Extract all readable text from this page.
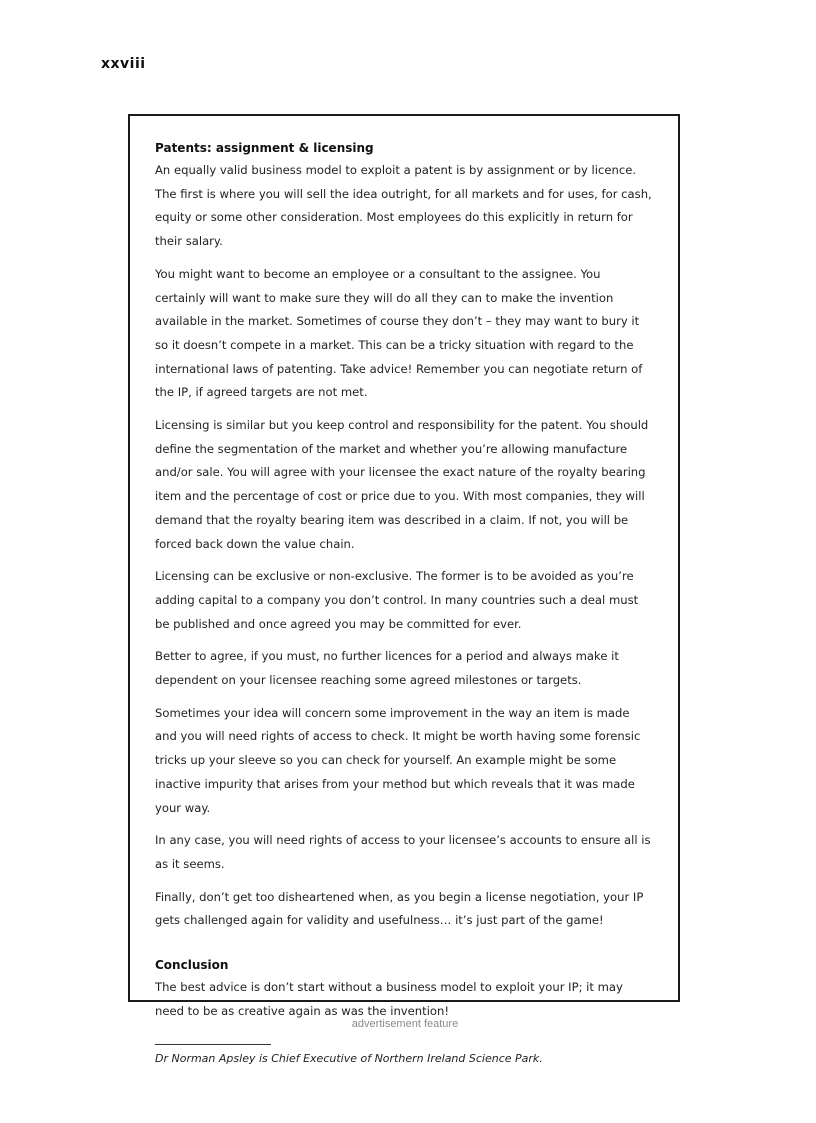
xxviii
Patents: assignment & licensing

An equally valid business model to exploit a patent is by assignment or by licence. The first is where you will sell the idea outright, for all markets and for uses, for cash, equity or some other consideration. Most employees do this explicitly in return for their salary.

You might want to become an employee or a consultant to the assignee. You certainly will want to make sure they will do all they can to make the invention available in the market. Sometimes of course they don’t – they may want to bury it so it doesn’t compete in a market. This can be a tricky situation with regard to the international laws of patenting. Take advice! Remember you can negotiate return of the IP, if agreed targets are not met.

Licensing is similar but you keep control and responsibility for the patent. You should define the segmentation of the market and whether you’re allowing manufacture and/or sale. You will agree with your licensee the exact nature of the royalty bearing item and the percentage of cost or price due to you. With most companies, they will demand that the royalty bearing item was described in a claim. If not, you will be forced back down the value chain.

Licensing can be exclusive or non-exclusive. The former is to be avoided as you’re adding capital to a company you don’t control. In many countries such a deal must be published and once agreed you may be committed for ever.

Better to agree, if you must, no further licences for a period and always make it dependent on your licensee reaching some agreed milestones or targets.

Sometimes your idea will concern some improvement in the way an item is made and you will need rights of access to check. It might be worth having some forensic tricks up your sleeve so you can check for yourself. An example might be some inactive impurity that arises from your method but which reveals that it was made your way.

In any case, you will need rights of access to your licensee’s accounts to ensure all is as it seems.

Finally, don’t get too disheartened when, as you begin a license negotiation, your IP gets challenged again for validity and usefulness… it’s just part of the game!

Conclusion

The best advice is don’t start without a business model to exploit your IP; it may need to be as creative again as was the invention!

Dr Norman Apsley is Chief Executive of Northern Ireland Science Park.

advertisement feature
